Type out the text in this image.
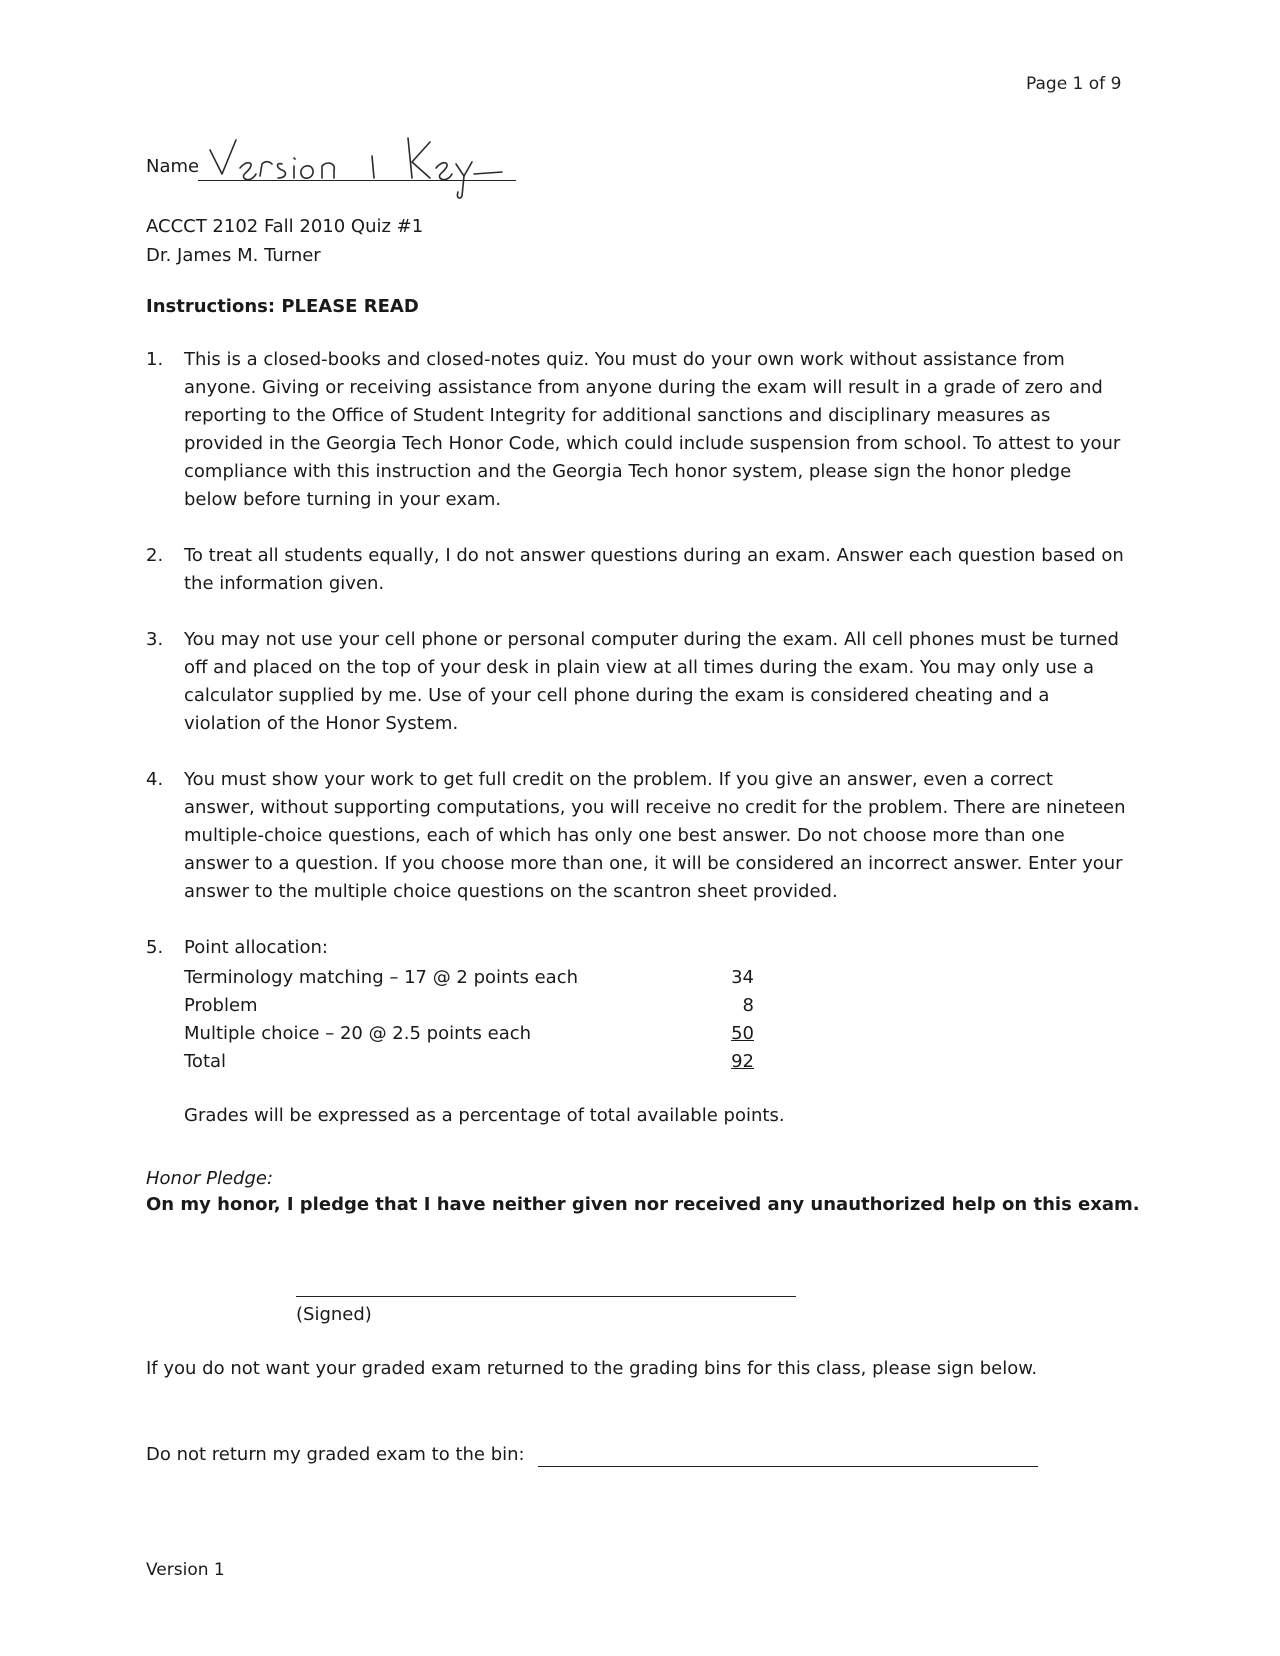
Page 1 of 9
Name
ACCCT 2102 Fall 2010 Quiz #1
Dr. James M. Turner
Instructions: PLEASE READ
1. This is a closed-books and closed-notes quiz. You must do your own work without assistance from anyone. Giving or receiving assistance from anyone during the exam will result in a grade of zero and reporting to the Office of Student Integrity for additional sanctions and disciplinary measures as provided in the Georgia Tech Honor Code, which could include suspension from school. To attest to your compliance with this instruction and the Georgia Tech honor system, please sign the honor pledge below before turning in your exam.
2. To treat all students equally, I do not answer questions during an exam. Answer each question based on the information given.
3. You may not use your cell phone or personal computer during the exam. All cell phones must be turned off and placed on the top of your desk in plain view at all times during the exam. You may only use a calculator supplied by me. Use of your cell phone during the exam is considered cheating and a violation of the Honor System.
4. You must show your work to get full credit on the problem. If you give an answer, even a correct answer, without supporting computations, you will receive no credit for the problem. There are nineteen multiple-choice questions, each of which has only one best answer. Do not choose more than one answer to a question. If you choose more than one, it will be considered an incorrect answer. Enter your answer to the multiple choice questions on the scantron sheet provided.
5. Point allocation:
Terminology matching – 17 @ 2 points each	34
Problem	8
Multiple choice – 20 @ 2.5 points each	50
Total	92
Grades will be expressed as a percentage of total available points.
Honor Pledge:
On my honor, I pledge that I have neither given nor received any unauthorized help on this exam.
(Signed)
If you do not want your graded exam returned to the grading bins for this class, please sign below.
Do not return my graded exam to the bin:
Version 1
